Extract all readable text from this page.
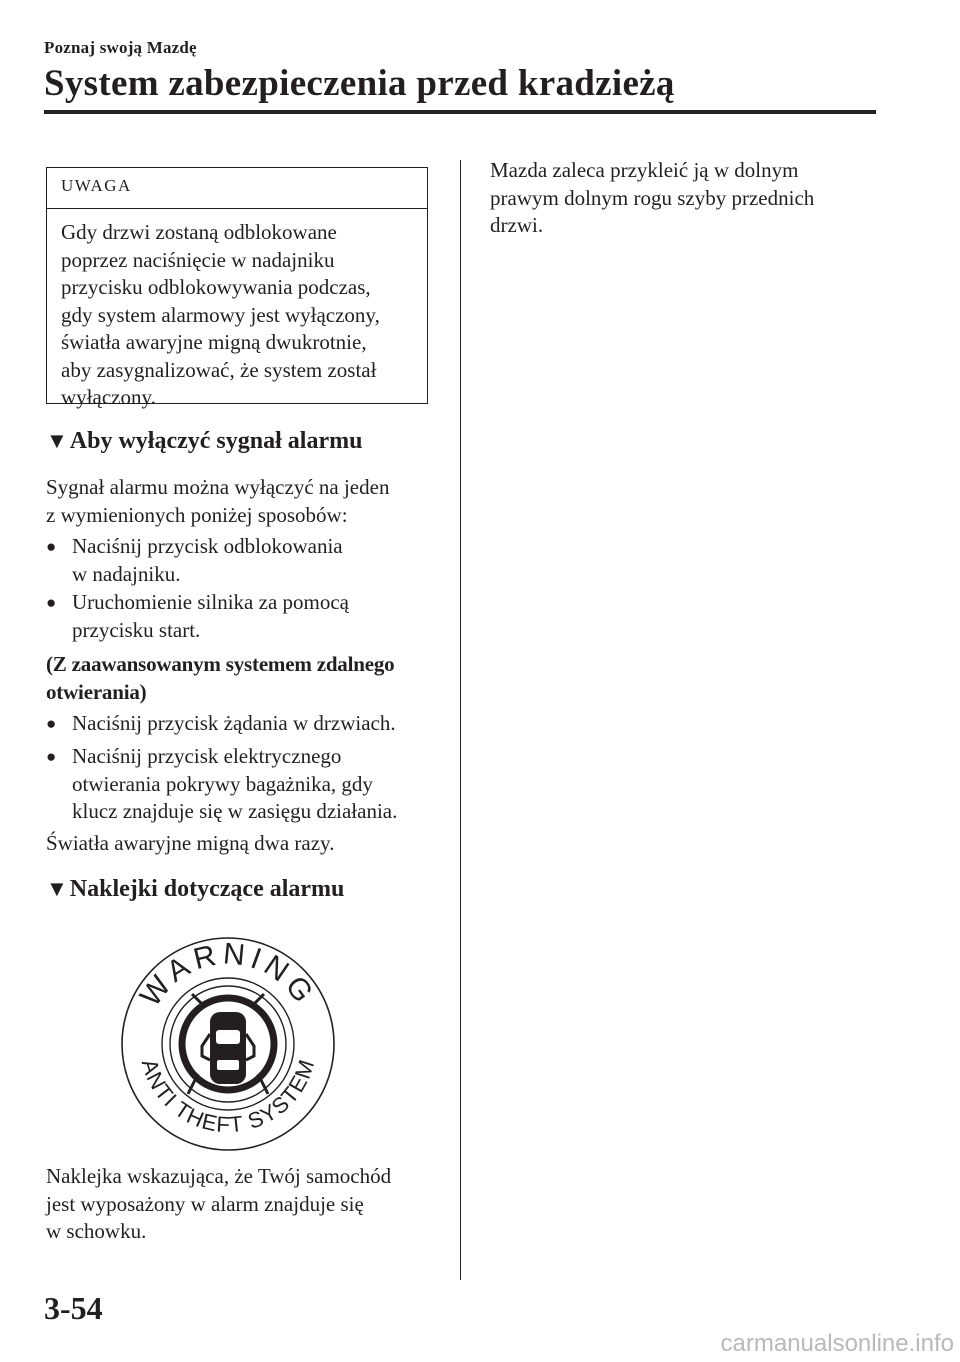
Poznaj swoją Mazdę
System zabezpieczenia przed kradzieżą
UWAGA
Gdy drzwi zostaną odblokowane
poprzez naciśnięcie w nadajniku
przycisku odblokowywania podczas,
gdy system alarmowy jest wyłączony,
światła awaryjne migną dwukrotnie,
aby zasygnalizować, że system został
wyłączony.
▼Aby wyłączyć sygnał alarmu
Sygnał alarmu można wyłączyć na jeden
z wymienionych poniżej sposobów:
● Naciśnij przycisk odblokowania
w nadajniku.
● Uruchomienie silnika za pomocą
przycisku start.
(Z zaawansowanym systemem zdalnego
otwierania)
● Naciśnij przycisk żądania w drzwiach.
● Naciśnij przycisk elektrycznego
otwierania pokrywy bagażnika, gdy
klucz znajduje się w zasięgu działania.
Światła awaryjne migną dwa razy.
▼Naklejki dotyczące alarmu
WARNING
ANTI THEFT SYSTEM
Naklejka wskazująca, że Twój samochód
jest wyposażony w alarm znajduje się
w schowku.
Mazda zaleca przykleić ją w dolnym
prawym dolnym rogu szyby przednich
drzwi.
3-54
carmanualsonline.info
